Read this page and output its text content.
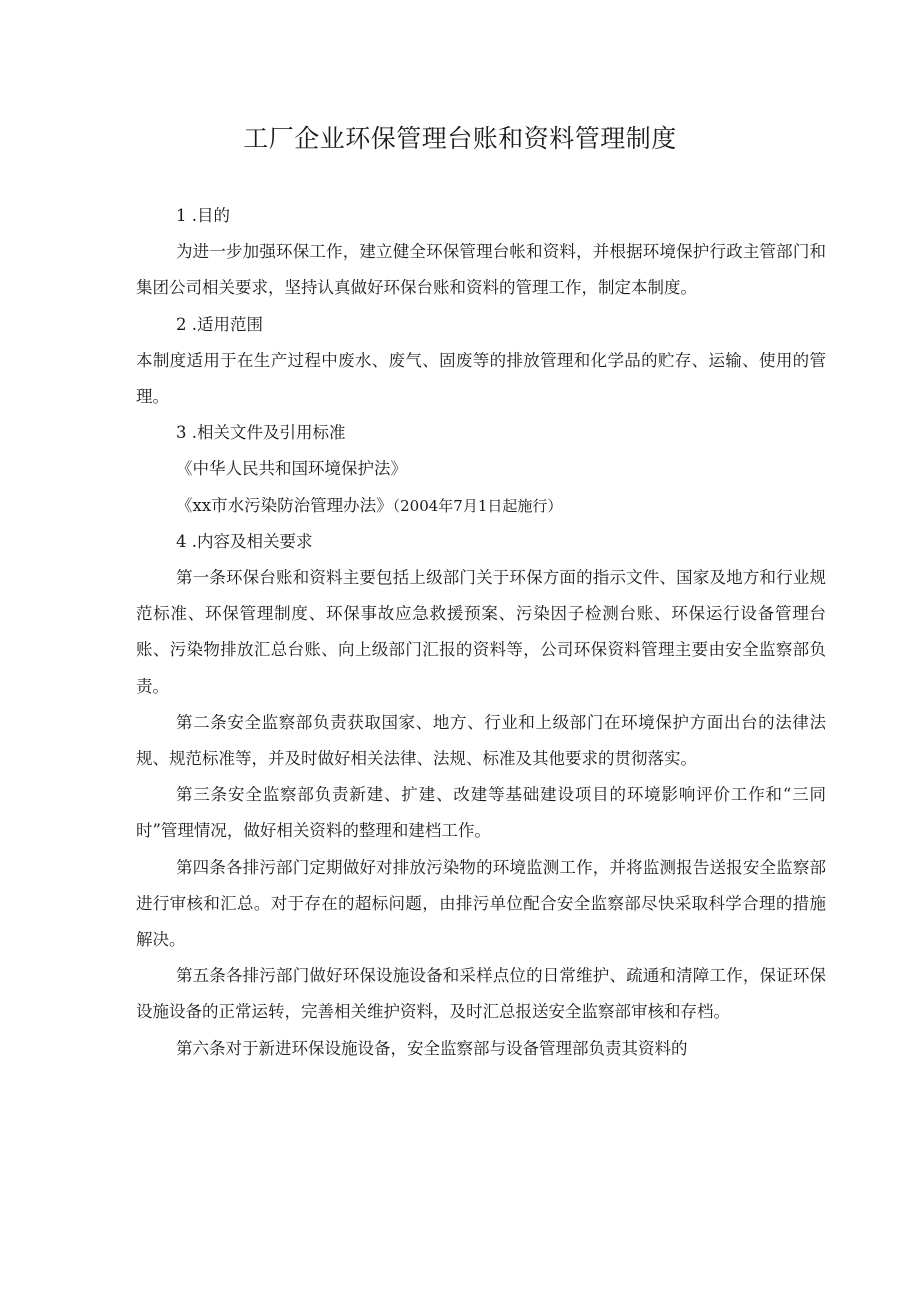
工厂企业环保管理台账和资料管理制度

1 .目的

为进一步加强环保工作，建立健全环保管理台帐和资料，并根据环境保护行政主管部门和集团公司相关要求，坚持认真做好环保台账和资料的管理工作，制定本制度。

2 .适用范围

本制度适用于在生产过程中废水、废气、固废等的排放管理和化学品的贮存、运输、使用的管理。

3 .相关文件及引用标准

《中华人民共和国环境保护法》

《xx市水污染防治管理办法》（2004年7月1日起施行）

4 .内容及相关要求

第一条环保台账和资料主要包括上级部门关于环保方面的指示文件、国家及地方和行业规范标准、环保管理制度、环保事故应急救援预案、污染因子检测台账、环保运行设备管理台账、污染物排放汇总台账、向上级部门汇报的资料等，公司环保资料管理主要由安全监察部负责。

第二条安全监察部负责获取国家、地方、行业和上级部门在环境保护方面出台的法律法规、规范标准等，并及时做好相关法律、法规、标准及其他要求的贯彻落实。

第三条安全监察部负责新建、扩建、改建等基础建设项目的环境影响评价工作和“三同时”管理情况，做好相关资料的整理和建档工作。

第四条各排污部门定期做好对排放污染物的环境监测工作，并将监测报告送报安全监察部进行审核和汇总。对于存在的超标问题，由排污单位配合安全监察部尽快采取科学合理的措施解决。

第五条各排污部门做好环保设施设备和采样点位的日常维护、疏通和清障工作，保证环保设施设备的正常运转，完善相关维护资料，及时汇总报送安全监察部审核和存档。

第六条对于新进环保设施设备，安全监察部与设备管理部负责其资料的
